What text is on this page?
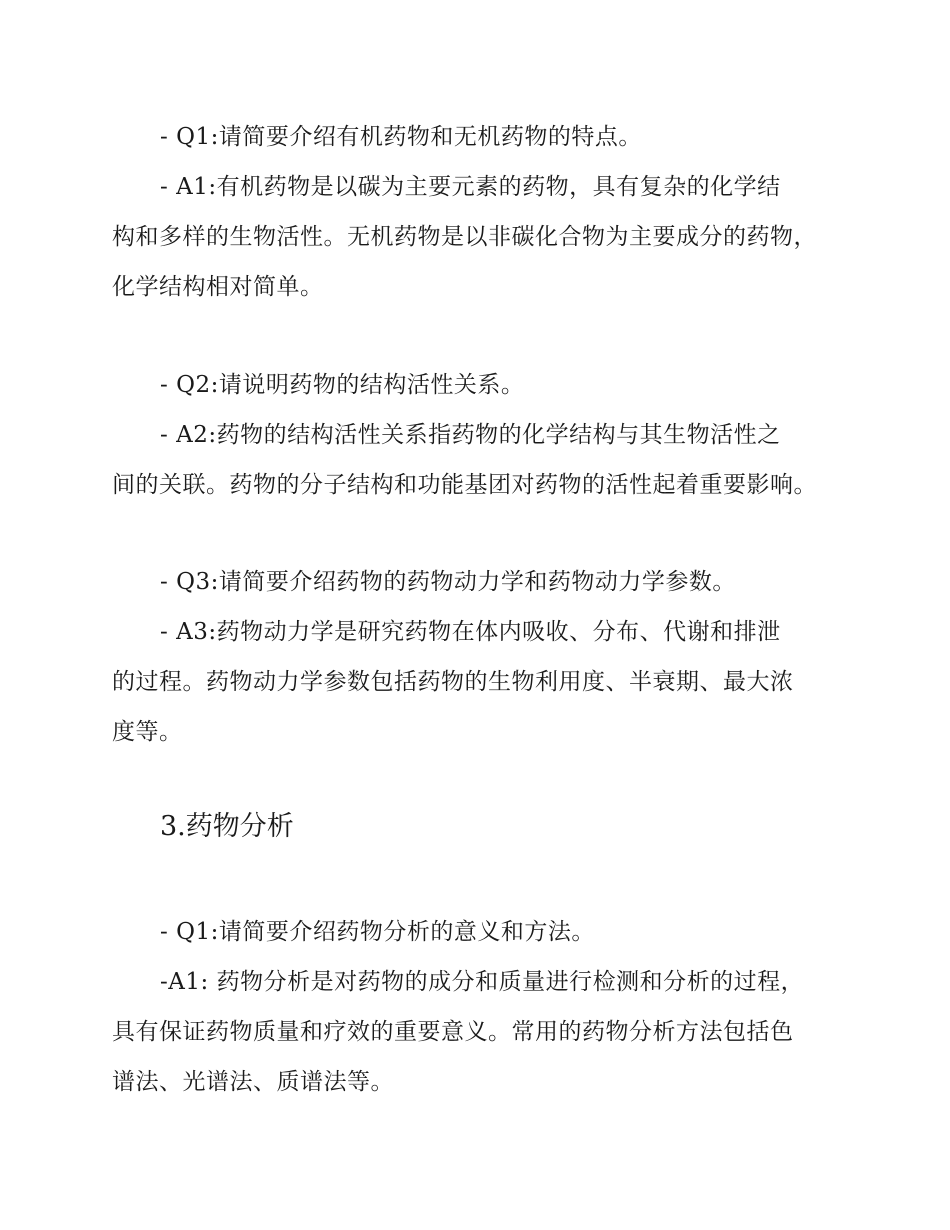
- Q1:请简要介绍有机药物和无机药物的特点。
- A1:有机药物是以碳为主要元素的药物，具有复杂的化学结
构和多样的生物活性。无机药物是以非碳化合物为主要成分的药物，
化学结构相对简单。
- Q2:请说明药物的结构活性关系。
- A2:药物的结构活性关系指药物的化学结构与其生物活性之
间的关联。药物的分子结构和功能基团对药物的活性起着重要影响。
- Q3:请简要介绍药物的药物动力学和药物动力学参数。
- A3:药物动力学是研究药物在体内吸收、分布、代谢和排泄
的过程。药物动力学参数包括药物的生物利用度、半衰期、最大浓
度等。
3.药物分析
- Q1:请简要介绍药物分析的意义和方法。
-A1: 药物分析是对药物的成分和质量进行检测和分析的过程，
具有保证药物质量和疗效的重要意义。常用的药物分析方法包括色
谱法、光谱法、质谱法等。
